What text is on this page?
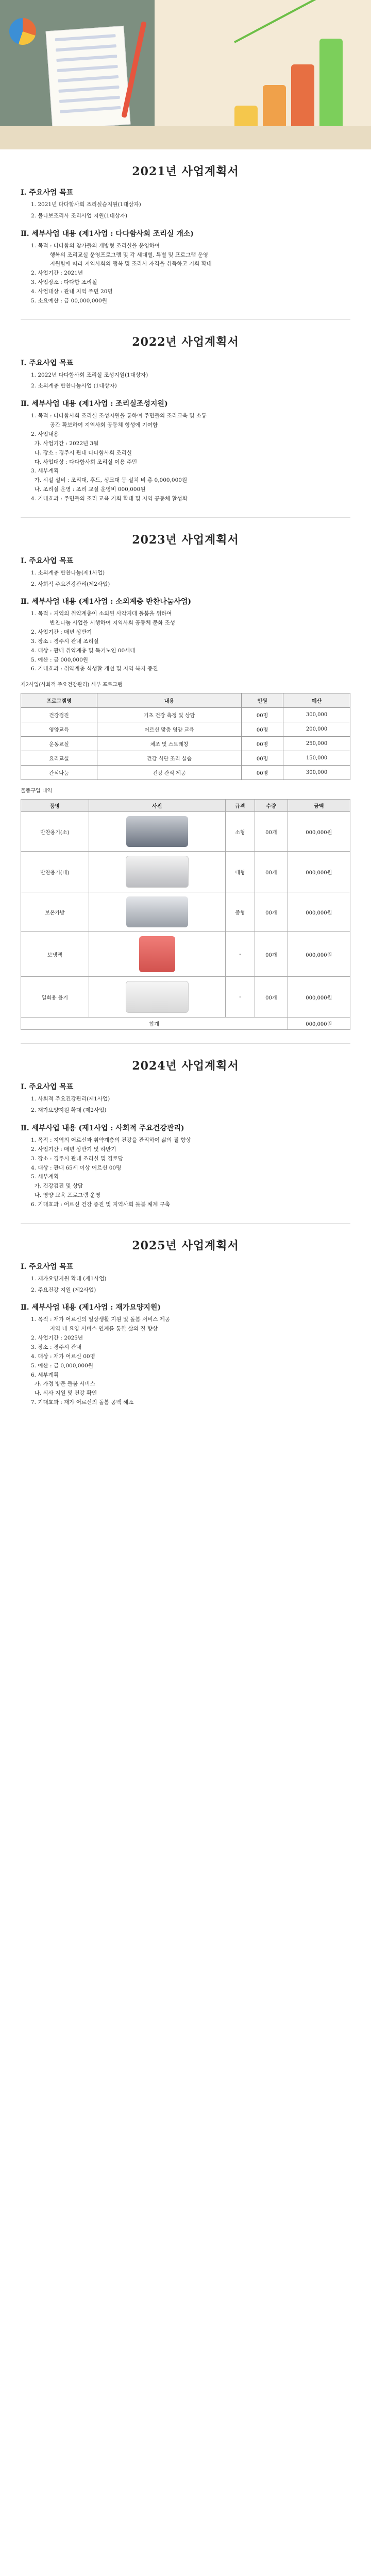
2021년 사업계획서
Ⅰ. 주요사업 목표
1. 2021년 다다함사회 조리실습지원(1대상자)
2. 불나보조리사 조리사업 지원(1대상자)
Ⅱ. 세부사업 내용 (제1사업 : 다다함사회 조리실 개소)
1. 목적 : 다다함의 참가들의 개방형 조리실을 운영하여
행복의 조리교실 운영프로그램 및 각 세대별, 특별 및 프로그램 운영
지원함에 따라 지역사회의 행복 및 조리사 자격을 취득하고 기회 확대
2. 사업기간 : 2021년
3. 사업장소 : 다다함 조리실
4. 사업대상 : 관내 지역 주민 20명
5. 소요예산 : 금 00,000,000원
2022년 사업계획서
Ⅰ. 주요사업 목표
1. 2022년 다다함사회 조리실 조성지원(1대상자)
2. 소외계층 반찬나눔사업 (1대상자)
Ⅱ. 세부사업 내용 (제1사업 : 조리실조성지원)
1. 목적 : 다다함사회 조리실 조성지원을 통하여 주민들의 조리교육 및 소통
공간 확보하여 지역사회 공동체 형성에 기여함
2. 사업내용
가. 사업기간 : 2022년 3월
나. 장소 : 경주시 관내 다다함사회 조리실
다. 사업대상 : 다다함사회 조리실 이용 주민
3. 세부계획
가. 시설 설비 : 조리대, 후드, 싱크대 등 설치 비 총 0,000,000원
나. 조리실 운영 : 조리 교실 운영비 000,000원
4. 기대효과 : 주민들의 조리 교육 기회 확대 및 지역 공동체 활성화
2023년 사업계획서
Ⅰ. 주요사업 목표
1. 소외계층 반찬나눔(제1사업)
2. 사회적 주요건강관리(제2사업)
Ⅱ. 세부사업 내용 (제1사업 : 소외계층 반찬나눔사업)
1. 목적 : 지역의 취약계층이 소외된 사각지대 돌봄을 위하여
반찬나눔 사업을 시행하여 지역사회 공동체 문화 조성
2. 사업기간 : 매년 상반기
3. 장소 : 경주시 관내 조리실
4. 대상 : 관내 취약계층 및 독거노인 00세대
5. 예산 : 금 000,000원
6. 기대효과 : 취약계층 식생활 개선 및 지역 복지 증진
제2사업(사회적 주요건강관리) 세부 프로그램
프로그램명	내용	인원	예산
건강검진	기초 건강 측정 및 상담	00명	300,000
영양교육	어르신 맞춤 영양 교육	00명	200,000
운동교실	체조 및 스트레칭	00명	250,000
요리교실	건강 식단 조리 실습	00명	150,000
간식나눔	건강 간식 제공	00명	300,000
물품구입 내역
품명	사진	규격	수량	금액
반찬용기(소)		소형	00개	000,000원
반찬용기(대)		대형	00개	000,000원
보온가방		중형	00개	000,000원
보냉팩		-	00개	000,000원
일회용 용기		-	00개	000,000원
합계				000,000원
2024년 사업계획서
Ⅰ. 주요사업 목표
1. 사회적 주요건강관리(제1사업)
2. 재가요양지원 확대 (제2사업)
Ⅱ. 세부사업 내용 (제1사업 : 사회적 주요건강관리)
1. 목적 : 지역의 어르신과 취약계층의 건강을 관리하여 삶의 질 향상
2. 사업기간 : 매년 상반기 및 하반기
3. 장소 : 경주시 관내 조리실 및 경로당
4. 대상 : 관내 65세 이상 어르신 00명
5. 세부계획
가. 건강검진 및 상담
나. 영양 교육 프로그램 운영
6. 기대효과 : 어르신 건강 증진 및 지역사회 돌봄 체계 구축
2025년 사업계획서
Ⅰ. 주요사업 목표
1. 재가요양지원 확대 (제1사업)
2. 주요건강 지원 (제2사업)
Ⅱ. 세부사업 내용 (제1사업 : 재가요양지원)
1. 목적 : 재가 어르신의 일상생활 지원 및 돌봄 서비스 제공
지역 내 요양 서비스 연계를 통한 삶의 질 향상
2. 사업기간 : 2025년
3. 장소 : 경주시 관내
4. 대상 : 재가 어르신 00명
5. 예산 : 금 0,000,000원
6. 세부계획
가. 가정 방문 돌봄 서비스
나. 식사 지원 및 건강 확인
7. 기대효과 : 재가 어르신의 돌봄 공백 해소
